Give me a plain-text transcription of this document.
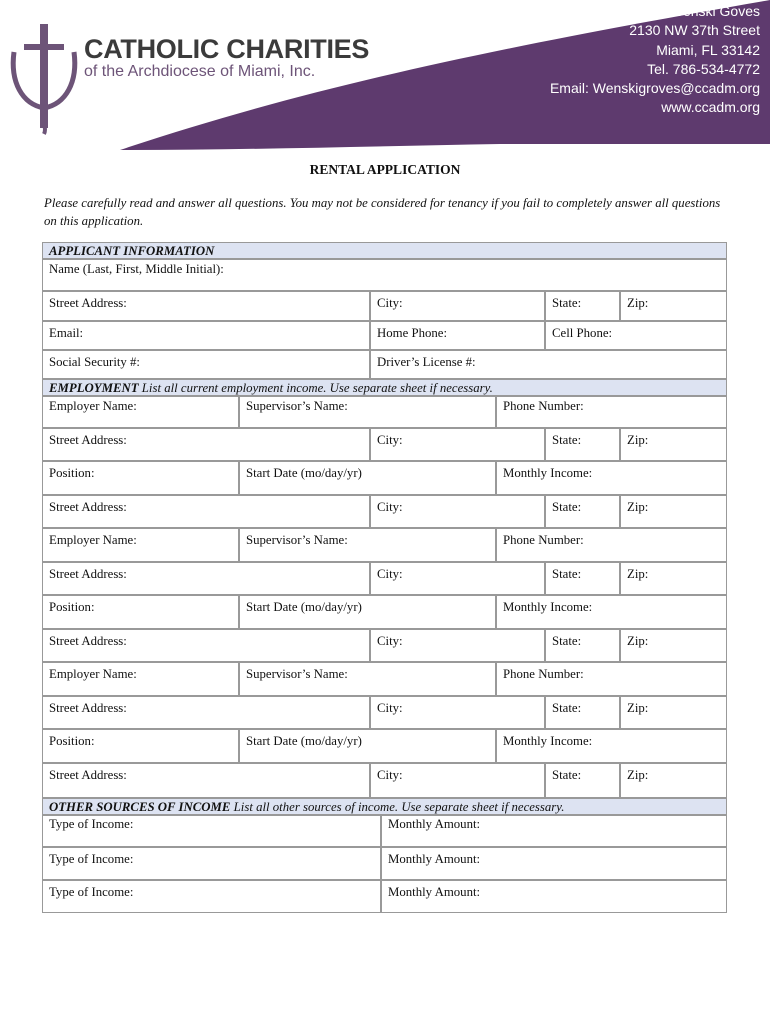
CATHOLIC CHARITIES
of the Archdiocese of Miami, Inc.
Wenski Goves
2130 NW 37th Street
Miami, FL 33142
Tel. 786-534-4772
Email: Wenskigroves@ccadm.org
www.ccadm.org
RENTAL APPLICATION
Please carefully read and answer all questions. You may not be considered for tenancy if you fail to completely answer all questions on this application.
APPLICANT INFORMATION
Name (Last, First, Middle Initial):
Street Address:	City:	State:	Zip:
Email:	Home Phone:	Cell Phone:
Social Security #:	Driver’s License #:
EMPLOYMENT List all current employment income. Use separate sheet if necessary.
Employer Name:	Supervisor’s Name:	Phone Number:
Street Address:	City:	State:	Zip:
Position:	Start Date (mo/day/yr)	Monthly Income:
Street Address:	City:	State:	Zip:
Employer Name:	Supervisor’s Name:	Phone Number:
Street Address:	City:	State:	Zip:
Position:	Start Date (mo/day/yr)	Monthly Income:
Street Address:	City:	State:	Zip:
Employer Name:	Supervisor’s Name:	Phone Number:
Street Address:	City:	State:	Zip:
Position:	Start Date (mo/day/yr)	Monthly Income:
Street Address:	City:	State:	Zip:
OTHER SOURCES OF INCOME List all other sources of income. Use separate sheet if necessary.
Type of Income:	Monthly Amount:
Type of Income:	Monthly Amount:
Type of Income:	Monthly Amount:
